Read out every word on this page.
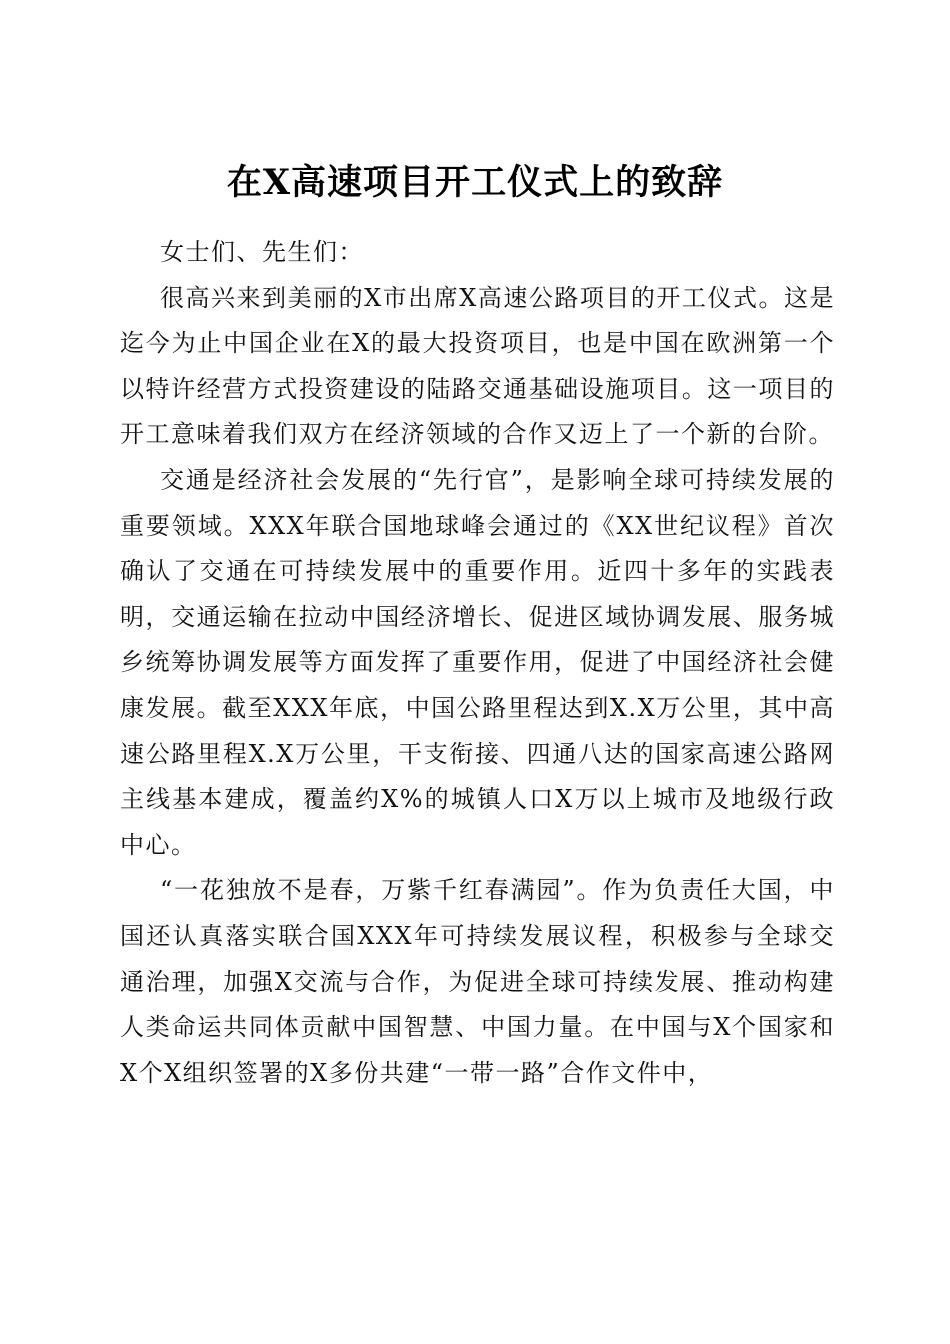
在X高速项目开工仪式上的致辞

女士们、先生们：

很高兴来到美丽的X市出席X高速公路项目的开工仪式。这是迄今为止中国企业在X的最大投资项目，也是中国在欧洲第一个以特许经营方式投资建设的陆路交通基础设施项目。这一项目的开工意味着我们双方在经济领域的合作又迈上了一个新的台阶。

交通是经济社会发展的“先行官”，是影响全球可持续发展的重要领域。XXX年联合国地球峰会通过的《XX世纪议程》首次确认了交通在可持续发展中的重要作用。近四十多年的实践表明，交通运输在拉动中国经济增长、促进区域协调发展、服务城乡统筹协调发展等方面发挥了重要作用，促进了中国经济社会健康发展。截至XXX年底，中国公路里程达到X.X万公里，其中高速公路里程X.X万公里，干支衔接、四通八达的国家高速公路网主线基本建成，覆盖约X%的城镇人口X万以上城市及地级行政中心。

“一花独放不是春，万紫千红春满园”。作为负责任大国，中国还认真落实联合国XXX年可持续发展议程，积极参与全球交通治理，加强X交流与合作，为促进全球可持续发展、推动构建人类命运共同体贡献中国智慧、中国力量。在中国与X个国家和X个X组织签署的X多份共建“一带一路”合作文件中，
